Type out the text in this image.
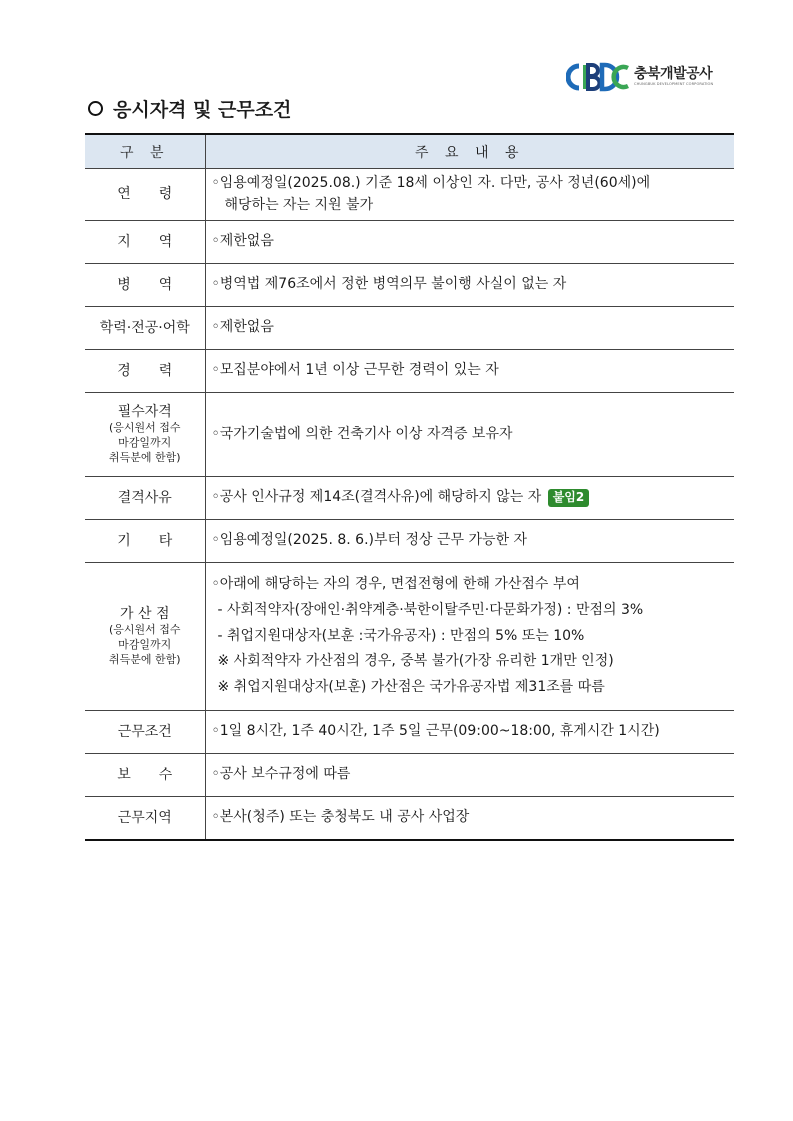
충북개발공사
CHUNGBUK DEVELOPMENT CORPORATION
응시자격 및 근무조건
구 분	주 요 내 용
연　　령	◦임용예정일(2025.08.) 기준 18세 이상인 자. 다만, 공사 정년(60세)에
해당하는 자는 지원 불가

지　　역	◦제한없음

병　　역	◦병역법 제76조에서 정한 병역의무 불이행 사실이 없는 자

학력·전공·어학	◦제한없음

경　　력	◦모집분야에서 1년 이상 근무한 경력이 있는 자

필수자격
(응시원서 접수
마감일까지
취득분에 한함)	◦국가기술법에 의한 건축기사 이상 자격증 보유자

결격사유	◦공사 인사규정 제14조(결격사유)에 해당하지 않는 자 붙임2

기　　타	◦임용예정일(2025. 8. 6.)부터 정상 근무 가능한 자

가 산 점
(응시원서 접수
마감일까지
취득분에 한함)	◦아래에 해당하는 자의 경우, 면접전형에 한해 가산점수 부여
- 사회적약자(장애인·취약계층·북한이탈주민·다문화가정) : 만점의 3%
- 취업지원대상자(보훈 :국가유공자) : 만점의 5% 또는 10%
※ 사회적약자 가산점의 경우, 중복 불가(가장 유리한 1개만 인정)
※ 취업지원대상자(보훈) 가산점은 국가유공자법 제31조를 따름

근무조건	◦1일 8시간, 1주 40시간, 1주 5일 근무(09:00~18:00, 휴게시간 1시간)

보　　수	◦공사 보수규정에 따름

근무지역	◦본사(청주) 또는 충청북도 내 공사 사업장
